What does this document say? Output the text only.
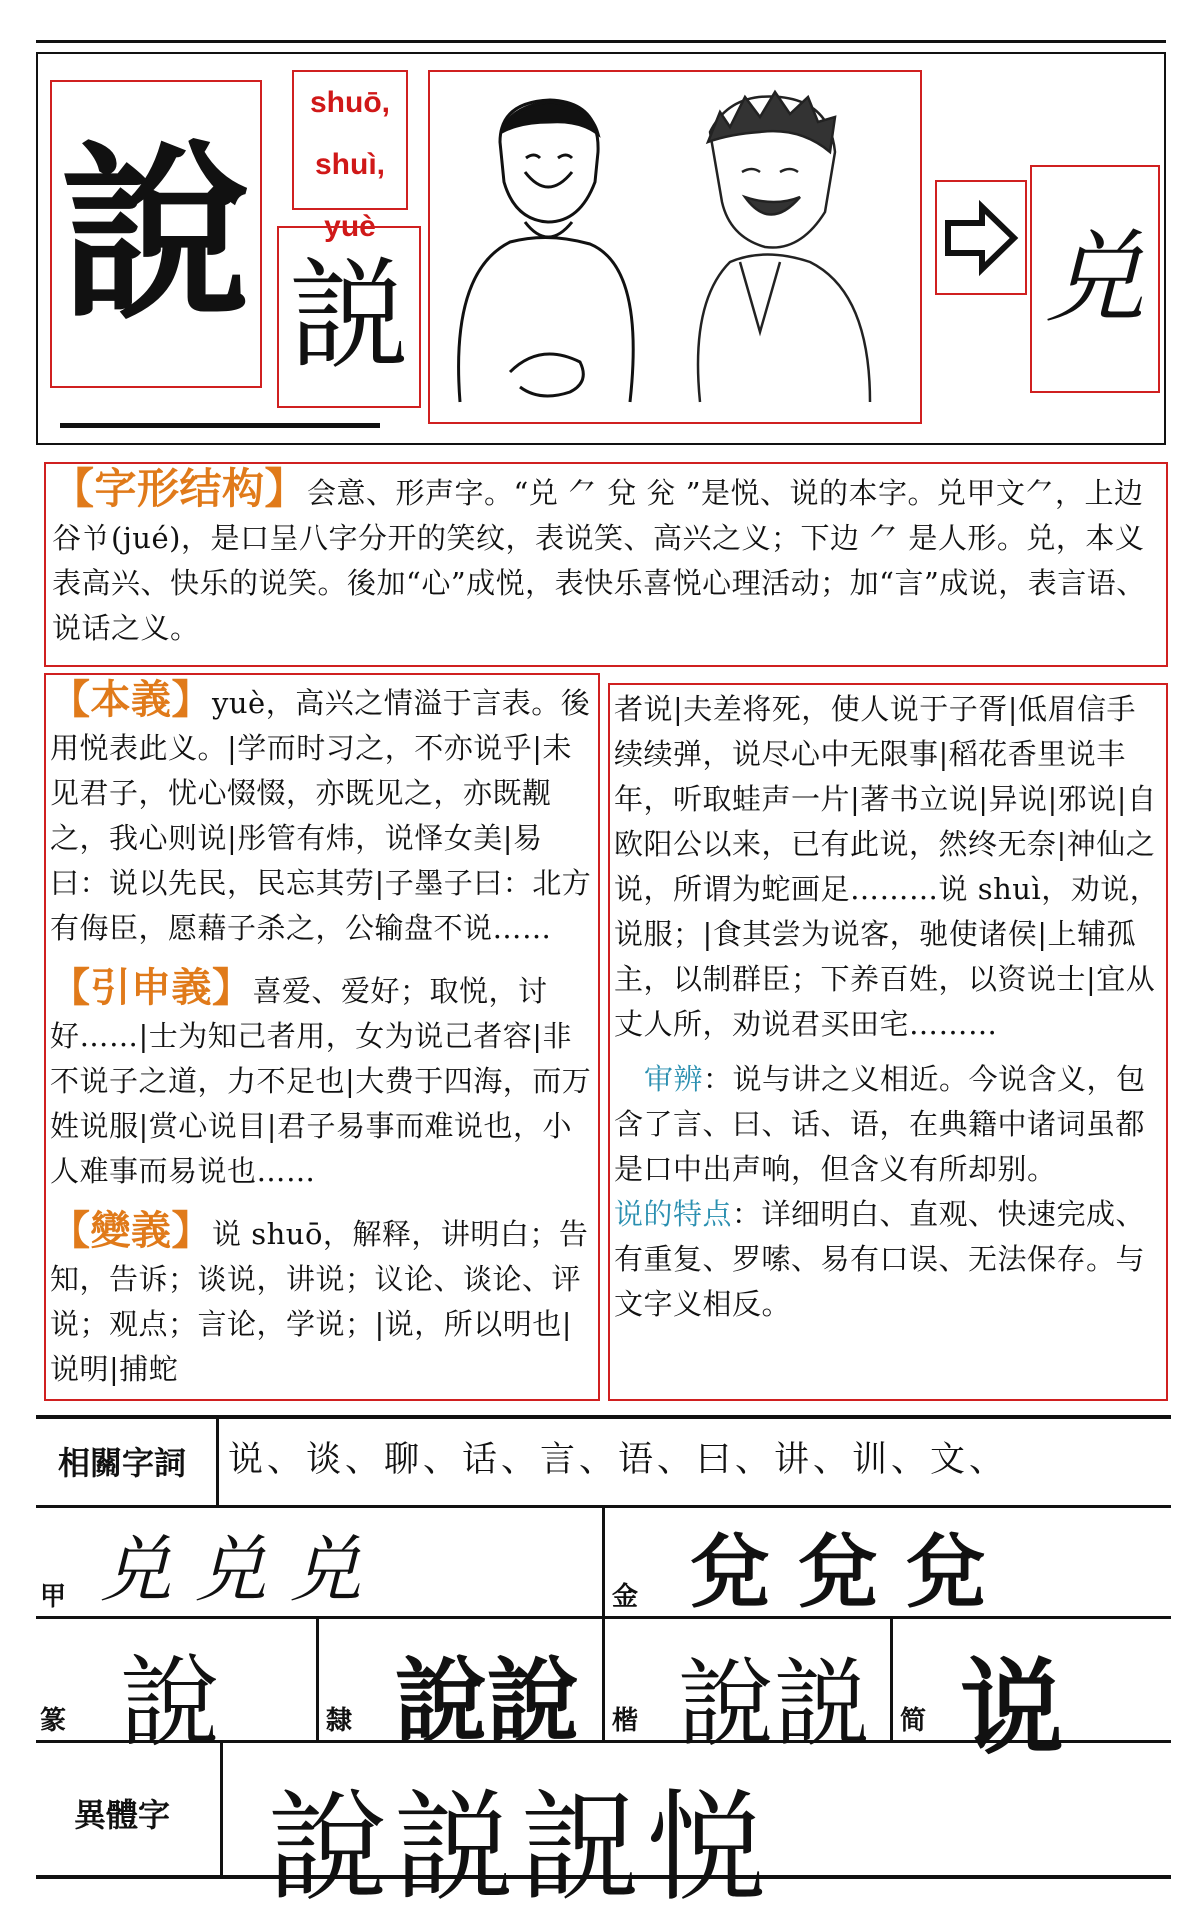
說
shuō,
shuì,
yuè
説	兑
【字形结构】会意、形声字。“兑 ⺈ 兌 兊 ”是悦、说的本字。兑甲文⺈，上边谷兯(jué)，是口呈八字分开的笑纹，表说笑、高兴之义；下边 ⺈ 是人形。兑，本义表高兴、快乐的说笑。後加“心”成悦，表快乐喜悦心理活动；加“言”成说，表言语、说话之义。
【本義】yuè，高兴之情溢于言表。後用悦表此义。|学而时习之，不亦说乎|未见君子，忧心惙惙，亦既见之，亦既觏之，我心则说|彤管有炜，说怿女美|易曰：说以先民，民忘其劳|子墨子曰：北方有侮臣，愿藉子杀之，公输盘不说……
【引申義】喜爱、爱好；取悦，讨好……|士为知己者用，女为说己者容|非不说子之道，力不足也|大费于四海，而万姓说服|赏心说目|君子易事而难说也，小人难事而易说也……
【變義】说 shuō，解释，讲明白；告知，告诉；谈说，讲说；议论、谈论、评说；观点；言论，学说；|说，所以明也|说明|捕蛇
者说|夫差将死，使人说于子胥|低眉信手续续弹，说尽心中无限事|稻花香里说丰年，听取蛙声一片|著书立说|异说|邪说|自欧阳公以来，已有此说，然终无奈|神仙之说，所谓为蛇画足………说 shuì，劝说，说服；|食其尝为说客，驰使诸侯|上辅孤主，以制群臣；下养百姓，以资说士|宜从丈人所，劝说君买田宅………
审辨：说与讲之义相近。今说含义，包含了言、曰、话、语，在典籍中诸词虽都是口中出声响，但含义有所却别。
说的特点：详细明白、直观、快速完成、有重复、罗嗦、易有口误、无法保存。与文字义相反。
相關字詞 说、谈、聊、话、言、语、曰、讲、训、文、
甲 兑 兑 兑	金 兌 兌 兌
篆 說	隸 說說 楷 說説 简 说
異體字 說説詋悦
